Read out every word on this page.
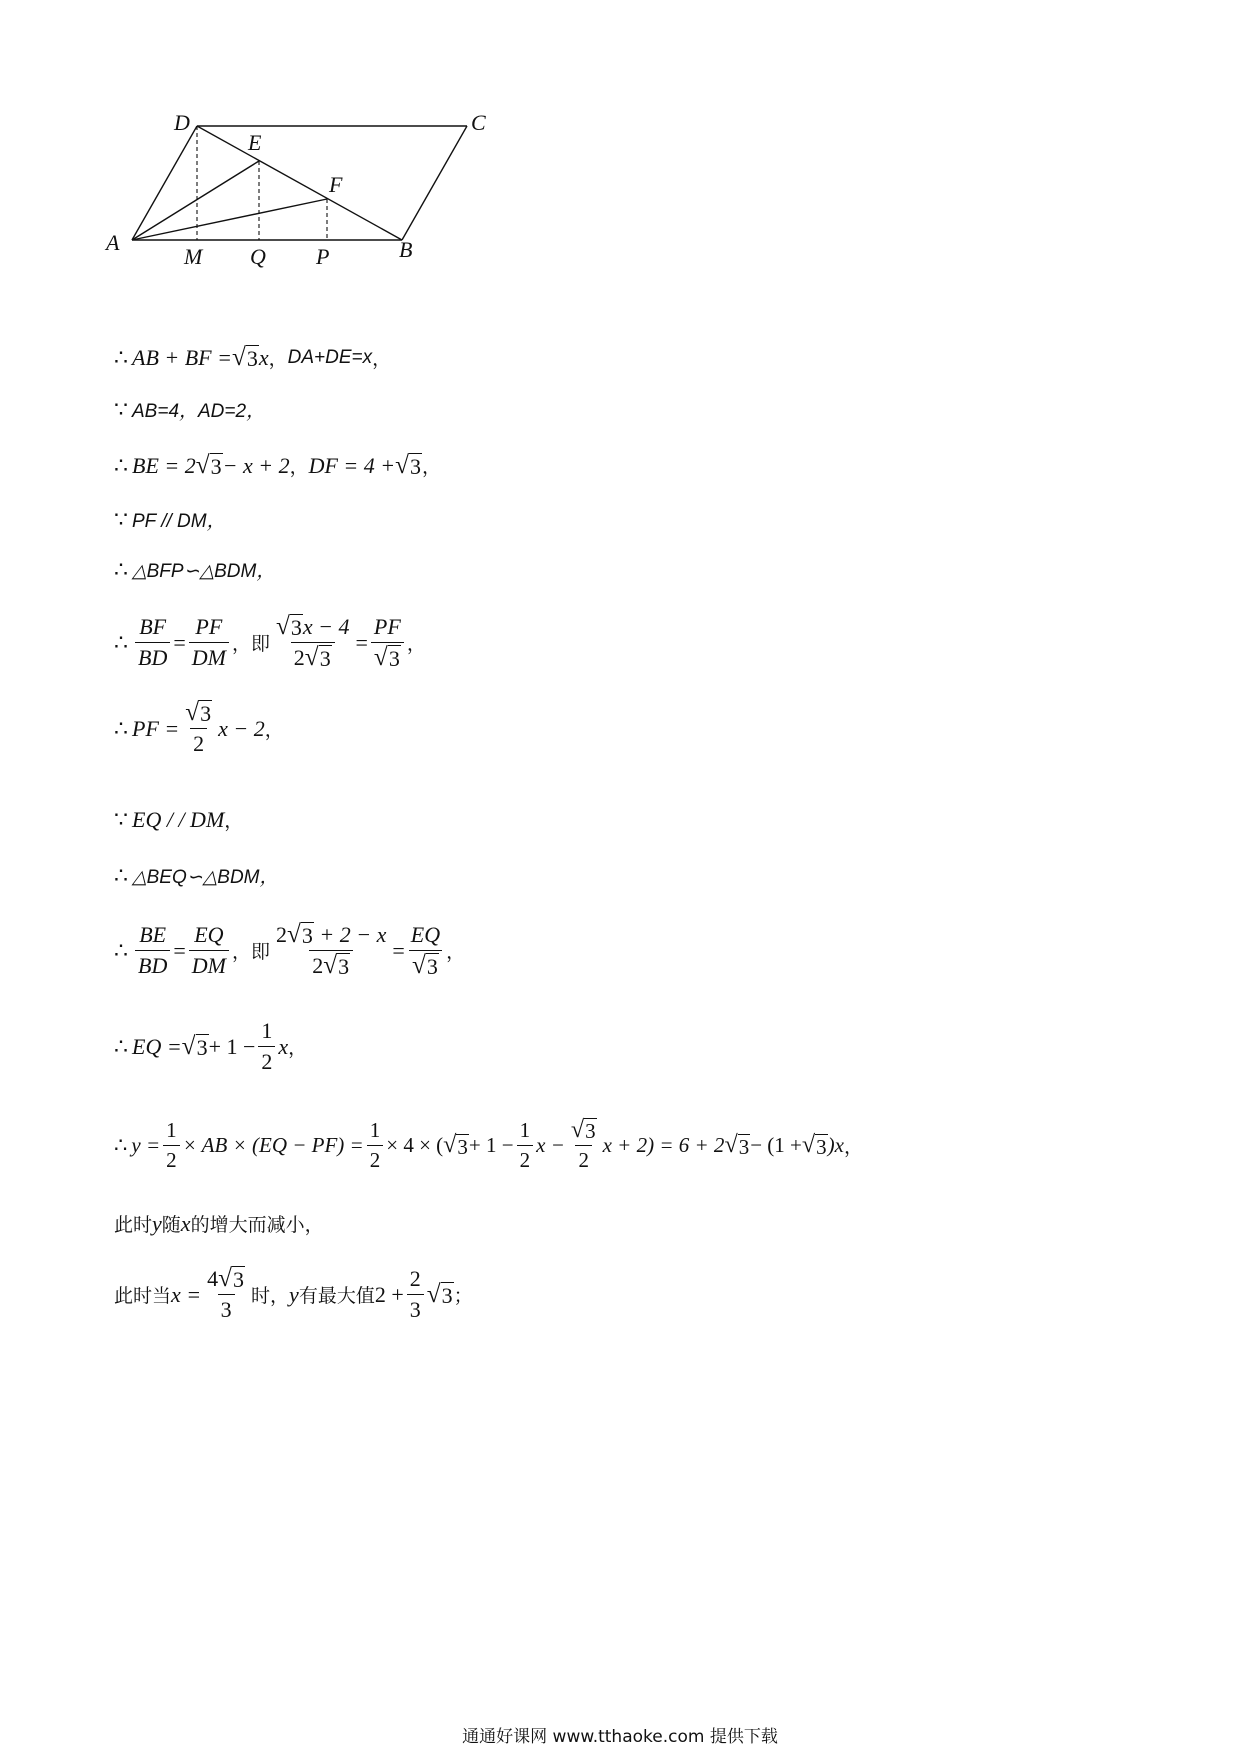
A	B
C
D
E
F
M Q P
∴ AB + BF = √ 3 x ， DA+DE=x ，
∵ AB=4，AD=2，
∴ BE = 2 √ 3 − x + 2 ， DF = 4 + √ 3 ，
∵ PF // DM，
∴ △BFP∽△BDM，
∴ $\frac{BF}{BD} = \frac{PF}{DM}$ ，即 $\frac{√ 3 x - 4}{2 √ 3} = \frac{PF}{√ 3}$ ，
∴ PF = $\frac{√ 3}{2}$ x − 2 ，
∵ EQ / / DM ，
∴ △BEQ∽△BDM，
∴ $\frac{BE}{BD} = \frac{EQ}{DM}$ ，即 $\frac{2 √ 3 + 2 - x}{2 √ 3} = \frac{EQ}{√ 3}$ ，
∴ EQ = √ $3 + 1 - \frac{1}{2}$ x ，
∴ $y = \frac{1}{2}$ × AB × $(EQ - PF) = \frac{1}{2} \times 4$ × ( √ $3 + 1 - \frac{1}{2}$ $x - \frac{√ 3}{2}$ x + 2) = 6 + 2 √ 3 − (1 + √ 3 )x ，
此时 y 随 x 的增大而减小，
此时当 $x = \frac{4 √ 3}{3}$ 时， y 有最大值 $2 + \frac{2}{3}$ √ 3 ；
通通好课网 www.tthaoke.com 提供下载
